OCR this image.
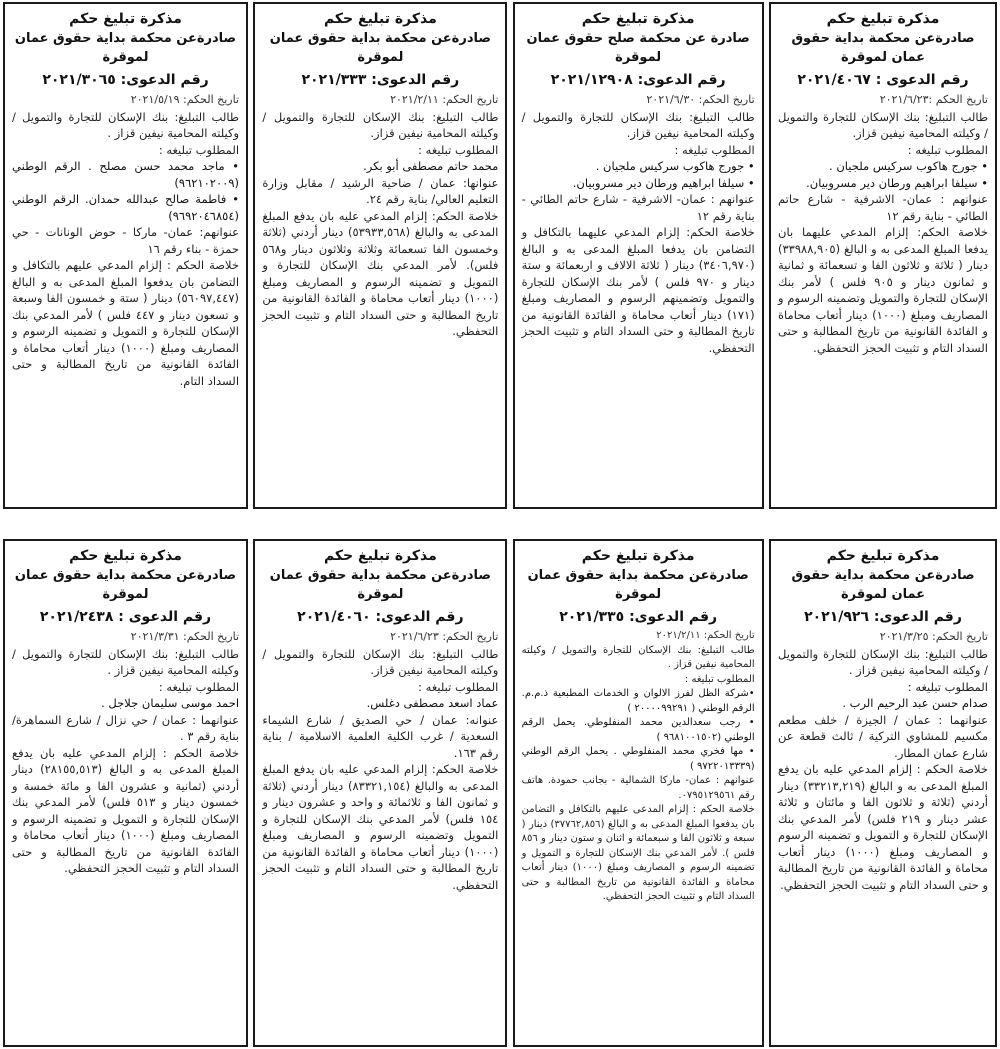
مذكرة تبليغ حكم

صادرةعن محكمة بداية حقوق عمان لموقرة

رقم الدعوى : ٢٠٢١/٤٠٦٧

تاريخ الحكم :٢٠٢١/٦/٢٣

طالب التبليغ: بنك الإسكان للتجارة والتمويل / وكيلته المحامية نيفين قزاز.

المطلوب تبليغه :

• جورج هاكوب سركيس ملجيان .

• سيلفا ابراهيم ورطان دير مسروبيان.

عنوانهم : عمان- الاشرفية - شارع حاتم الطائي - بناية رقم ١٢

خلاصة الحكم: إلزام المدعي عليهما بان يدفعا المبلغ المدعى به و البالغ (٣٣٩٨٨,٩٠٥) دينار ( ثلاثة و ثلاثون الفا و تسعمائة و ثمانية و ثمانون دينار و ٩٠٥ فلس ) لأمر بنك الإسكان للتجارة والتمويل وتضمينه الرسوم و المصاريف ومبلغ (١٠٠٠) دينار أتعاب محاماة و الفائدة القانونية من تاريخ المطالبة و حتى السداد التام و تثبيت الحجز التحفظي.

مذكرة تبليغ حكم

صادرة عن محكمة صلح حقوق عمان لموقرة

رقم الدعوى: ٢٠٢١/١٢٩٠٨

تاريخ الحكم: ٢٠٢١/٦/٣٠

طالب التبليغ: بنك الإسكان للتجارة والتمويل / وكيلته المحامية نيفين قزاز.

المطلوب تبليغه :

• جورج هاكوب سركيس ملجيان .

• سيلفا ابراهيم ورطان دير مسروبيان.

عنوانهم : عمان- الاشرفية - شارع حاتم الطائي - بناية رقم ١٢

خلاصة الحكم: إلزام المدعي عليهما بالتكافل و التضامن بان يدفعا المبلغ المدعى به و البالغ (٣٤٠٦,٩٧٠) دينار ( ثلاثة الالاف و اربعمائة و ستة دينار و ٩٧٠ فلس ) لأمر بنك الإسكان للتجارة والتمويل وتضمينهم الرسوم و المصاريف ومبلغ (١٧١) دينار أتعاب محاماة و الفائدة القانونية من تاريخ المطالبة و حتى السداد التام و تثبيت الحجز التحفظي.

مذكرة تبليغ حكم

صادرةعن محكمة بداية حقوق عمان لموقرة

رقم الدعوى: ٢٠٢١/٣٣٣

تاريخ الحكم: ٢٠٢١/٢/١١

طالب التبليغ: بنك الإسكان للتجارة والتمويل / وكيلته المحامية نيفين قزاز.

المطلوب تبليغه :

محمد حاتم مصطفى أبو بكر.

عنوانها: عمان / ضاحية الرشيد / مقابل وزارة التعليم العالي/ بناية رقم ٢٤.

خلاصة الحكم: إلزام المدعي عليه بان يدفع المبلغ المدعى به والبالغ (٥٣٩٣٣,٥٦٨) دينار أردني (ثلاثة وخمسون الفا تسعمائة وثلاثة وثلاثون دينار و٥٦٨ فلس). لأمر المدعي بنك الإسكان للتجارة و التمويل و تضمينه الرسوم و المصاريف ومبلغ (١٠٠٠) دينار أتعاب محاماة و الفائدة القانونية من تاريخ المطالبة و حتى السداد التام و تثبيت الحجز التحفظي.

مذكرة تبليغ حكم

صادرةعن محكمة بداية حقوق عمان لموقرة

رقم الدعوى: ٢٠٢١/٣٠٦٥

تاريخ الحكم: ٢٠٢١/٥/١٩

طالب التبليغ: بنك الإسكان للتجارة والتمويل / وكيلته المحامية نيفين قزاز .

المطلوب تبليغه :

• ماجد محمد حسن مصلح . الرقم الوطني (٩٦٢١٠٢٠٠٩)

• فاطمة صالح عبدالله حمدان. الرقم الوطني (٩٦٩٢٠٤٦٨٥٤)

عنوانهم: عمان- ماركا - حوض الونانات - حي حمزة - بناء رقم ١٦

خلاصة الحكم : إلزام المدعي عليهم بالتكافل و التضامن بان يدفعوا المبلغ المدعى به و البالغ (٥٦٠٩٧,٤٤٧) دينار ( ستة و خمسون الفا وسبعة و تسعون دينار و ٤٤٧ فلس ) لأمر المدعي بنك الإسكان للتجارة و التمويل و تضمينه الرسوم و المصاريف ومبلغ (١٠٠٠) دينار أتعاب محاماة و الفائدة القانونية من تاريخ المطالبة و حتى السداد التام.

مذكرة تبليغ حكم

صادرةعن محكمة بداية حقوق عمان لموقرة

رقم الدعوى: ٢٠٢١/٩٢٦

تاريخ الحكم: ٢٠٢١/٣/٢٥

طالب التبليغ: بنك الإسكان للتجارة والتمويل / وكيلته المحامية نيفين قزاز .

المطلوب تبليغه :

صدام حسن عبد الرحيم الرب .

عنوانهما : عمان / الجيزة / خلف مطعم مكسيم للمشاوي التركية / ثالث قطعة عن شارع عمان المطار.

خلاصة الحكم : إلزام المدعي عليه بان يدفع المبلغ المدعى به و البالغ (٣٣٢١٣,٢١٩) دينار أردني (ثلاثة و ثلاثون الفا و مائتان و ثلاثة عشر دينار و ٢١٩ فلس) لأمر المدعي بنك الإسكان للتجارة و التمويل و تضمينه الرسوم و المصاريف ومبلغ (١٠٠٠) دينار أتعاب محاماة و الفائدة القانونية من تاريخ المطالبة و حتى السداد التام و تثبيت الحجز التحفظي.

مذكرة تبليغ حكم

صادرةعن محكمة بداية حقوق عمان لموقرة

رقم الدعوى: ٢٠٢١/٣٣٥

تاريخ الحكم: ٢٠٢١/٢/١١

طالب التبليغ: بنك الإسكان للتجارة والتمويل / وكيلته المحامية نيفين قزاز .

المطلوب تبليغه :

•شركة الظل لفرز الالوان و الخدمات المطبعية ذ.م.م. الرقم الوطني ( ٢٠٠٠٠٩٩٢٩١ )

• رجب سعدالدين محمد المنفلوطي. يحمل الرقم الوطني (٩٦٨١٠٠١٥٠٢ )

• مها فخري محمد المنفلوطي . يحمل الرقم الوطني (٩٧٢٢٠١٣٣٣٩ )

عنوانهم : عمان- ماركا الشمالية - بجانب حمودة. هاتف رقم ٠٧٩٥١٢٩٥٦١.

خلاصة الحكم : إلزام المدعى عليهم بالتكافل و التضامن بان يدفعوا المبلغ المدعى به و البالغ (٣٧٧٦٢,٨٥٦) دينار ( سبعة و ثلاثون الفا و سبعمائة و اثنان و ستون دينار و ٨٥٦ فلس ). لأمر المدعي بنك الإسكان للتجارة و التمويل و تضمينه الرسوم و المصاريف ومبلغ (١٠٠٠) دينار أتعاب محاماة و الفائدة القانونية من تاريخ المطالبة و حتى السداد التام و تثبيت الحجز التحفظي.

مذكرة تبليغ حكم

صادرةعن محكمة بداية حقوق عمان لموقرة

رقم الدعوى: ٢٠٢١/٤٠٦٠

تاريخ الحكم: ٢٠٢١/٦/٢٣

طالب التبليغ: بنك الإسكان للتجارة والتمويل / وكيلته المحامية نيفين قزاز.

المطلوب تبليغه :

عماد اسعد مصطفى دغلس.

عنوانه: عمان / حي الصديق / شارع الشيماء السعدية / غرب الكلية العلمية الاسلامية / بناية رقم ١٦٣.

خلاصة الحكم: إلزام المدعي عليه بان يدفع المبلغ المدعى به والبالغ (٨٣٣٢١,١٥٤) دينار أردني (ثلاثة و ثمانون الفا و ثلاثمائة و واحد و عشرون دينار و ١٥٤ فلس) لأمر المدعي بنك الإسكان للتجارة و التمويل وتضمينه الرسوم و المصاريف ومبلغ (١٠٠٠) دينار أتعاب محاماة و الفائدة القانونية من تاريخ المطالبة و حتى السداد التام و تثبيت الحجز التحفظي.

مذكرة تبليغ حكم

صادرةعن محكمة بداية حقوق عمان لموقرة

رقم الدعوى : ٢٠٢١/٢٤٣٨

تاريخ الحكم: ٢٠٢١/٣/٣١

طالب التبليغ: بنك الإسكان للتجارة والتمويل / وكيلته المحامية نيفين قزاز .

المطلوب تبليغه :

احمد موسى سليمان جلاجل .

عنوانهما : عمان / حي نزال / شارع السماهرة/ بناية رقم ٣ .

خلاصة الحكم : إلزام المدعي عليه بان يدفع المبلغ المدعى به و البالغ (٢٨١٥٥,٥١٣) دينار أردني (ثمانية و عشرون الفا و مائة خمسة و خمسون دينار و ٥١٣ فلس) لأمر المدعي بنك الإسكان للتجارة و التمويل و تضمينه الرسوم و المصاريف ومبلغ (١٠٠٠) دينار أتعاب محاماة و الفائدة القانونية من تاريخ المطالبة و حتى السداد التام و تثبيت الحجز التحفظي.
